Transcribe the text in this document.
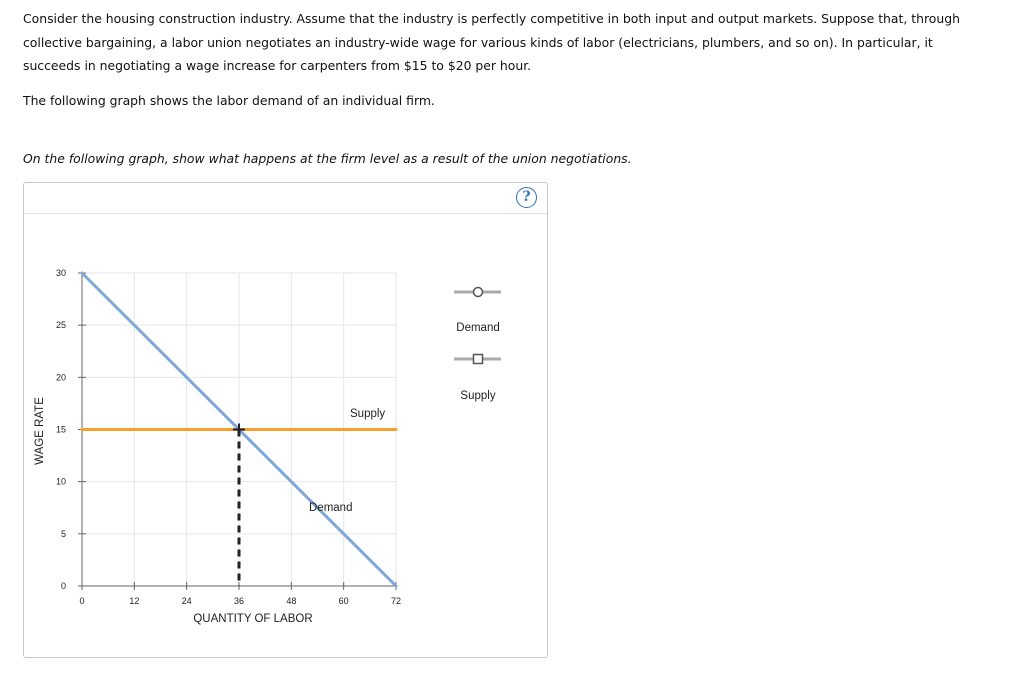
Consider the housing construction industry. Assume that the industry is perfectly competitive in both input and output markets. Suppose that, through collective bargaining, a labor union negotiates an industry-wide wage for various kinds of labor (electricians, plumbers, and so on). In particular, it succeeds in negotiating a wage increase for carpenters from $15 to $20 per hour.

The following graph shows the labor demand of an individual firm.

On the following graph, show what happens at the firm level as a result of the union negotiations.

?
0	12	24	36	48	60	72
0
5
10
15
20
25
30
QUANTITY OF LABOR
WAGE RATE	Supply
Demand
Demand
Supply
